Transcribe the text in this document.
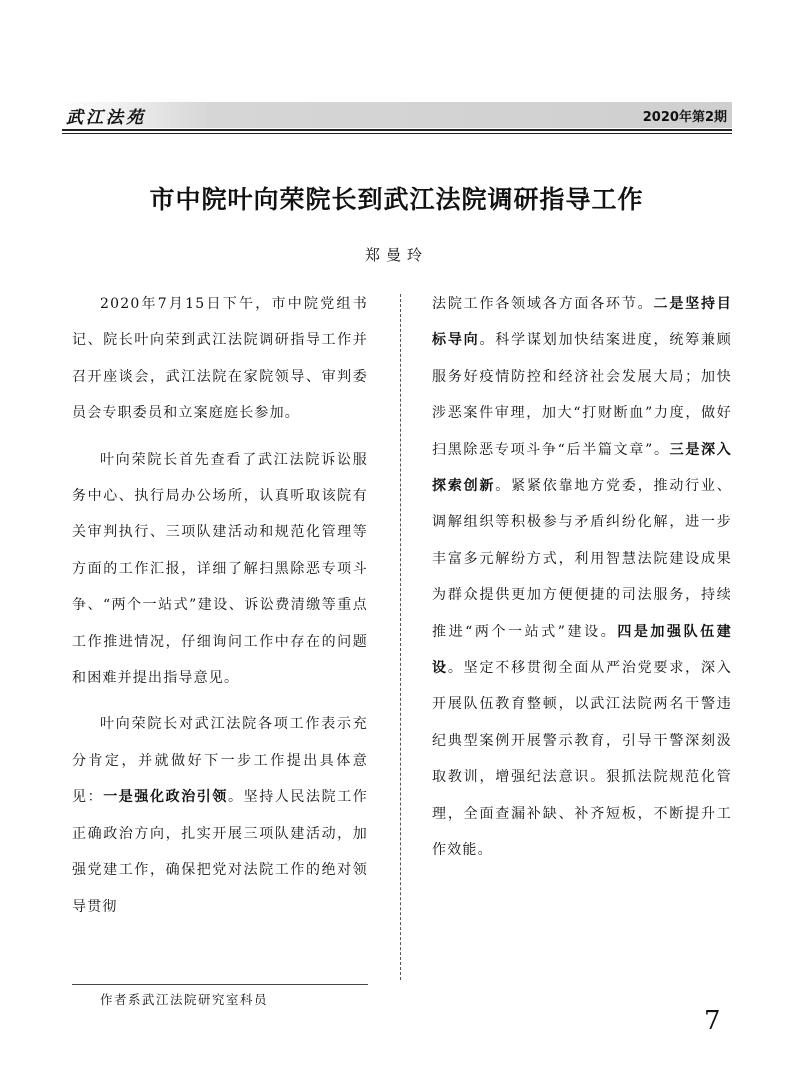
武江法苑	2020年第2期
市中院叶向荣院长到武江法院调研指导工作
郑曼玲

2020年7月15日下午，市中院党组书记、院长叶向荣到武江法院调研指导工作并召开座谈会，武江法院在家院领导、审判委员会专职委员和立案庭庭长参加。

叶向荣院长首先查看了武江法院诉讼服务中心、执行局办公场所，认真听取该院有关审判执行、三项队建活动和规范化管理等方面的工作汇报，详细了解扫黑除恶专项斗争、“两个一站式”建设、诉讼费清缴等重点工作推进情况，仔细询问工作中存在的问题和困难并提出指导意见。

叶向荣院长对武江法院各项工作表示充分肯定，并就做好下一步工作提出具体意见：一是强化政治引领。坚持人民法院工作正确政治方向，扎实开展三项队建活动，加强党建工作，确保把党对法院工作的绝对领导贯彻

法院工作各领域各方面各环节。二是坚持目标导向。科学谋划加快结案进度，统筹兼顾服务好疫情防控和经济社会发展大局；加快涉恶案件审理，加大“打财断血”力度，做好扫黑除恶专项斗争“后半篇文章”。三是深入探索创新。紧紧依靠地方党委，推动行业、调解组织等积极参与矛盾纠纷化解，进一步丰富多元解纷方式，利用智慧法院建设成果为群众提供更加方便便捷的司法服务，持续推进“两个一站式”建设。四是加强队伍建设。坚定不移贯彻全面从严治党要求，深入开展队伍教育整顿，以武江法院两名干警违纪典型案例开展警示教育，引导干警深刻汲取教训，增强纪法意识。狠抓法院规范化管理，全面查漏补缺、补齐短板，不断提升工作效能。

作者系武江法院研究室科员
7
